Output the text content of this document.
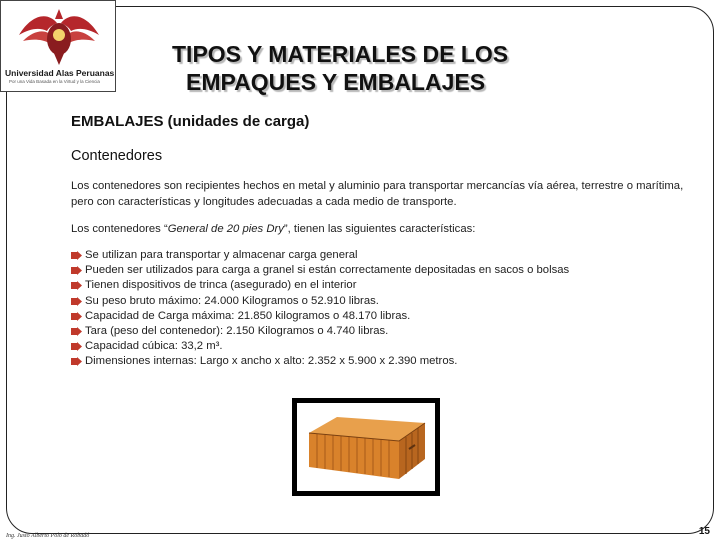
Universidad Alas Peruanas
Por una Vida Basada en la Virtud y la Ciencia
TIPOS Y MATERIALES DE LOS
EMPAQUES Y EMBALAJES
EMBALAJES (unidades de carga)
Contenedores

Los contenedores son recipientes hechos en metal y aluminio para transportar mercancías vía aérea, terrestre o marítima, pero con características y longitudes adecuadas a cada medio de transporte.

Los contenedores “General de 20 pies Dry”, tienen las siguientes características:

Se utilizan para transportar y almacenar carga general
Pueden ser utilizados para carga a granel si están correctamente depositadas en sacos o bolsas
Tienen dispositivos de trinca (asegurado) en el interior
Su peso bruto máximo: 24.000 Kilogramos o 52.910 libras.
Capacidad de Carga máxima: 21.850 kilogramos o 48.170 libras.
Tara (peso del contenedor): 2.150 Kilogramos o 4.740 libras.
Capacidad cúbica: 33,2 m³.
Dimensiones internas: Largo x ancho x alto: 2.352 x 5.900 x 2.390 metros.
Ing. Justo Alberto Polo de Robadó	15
